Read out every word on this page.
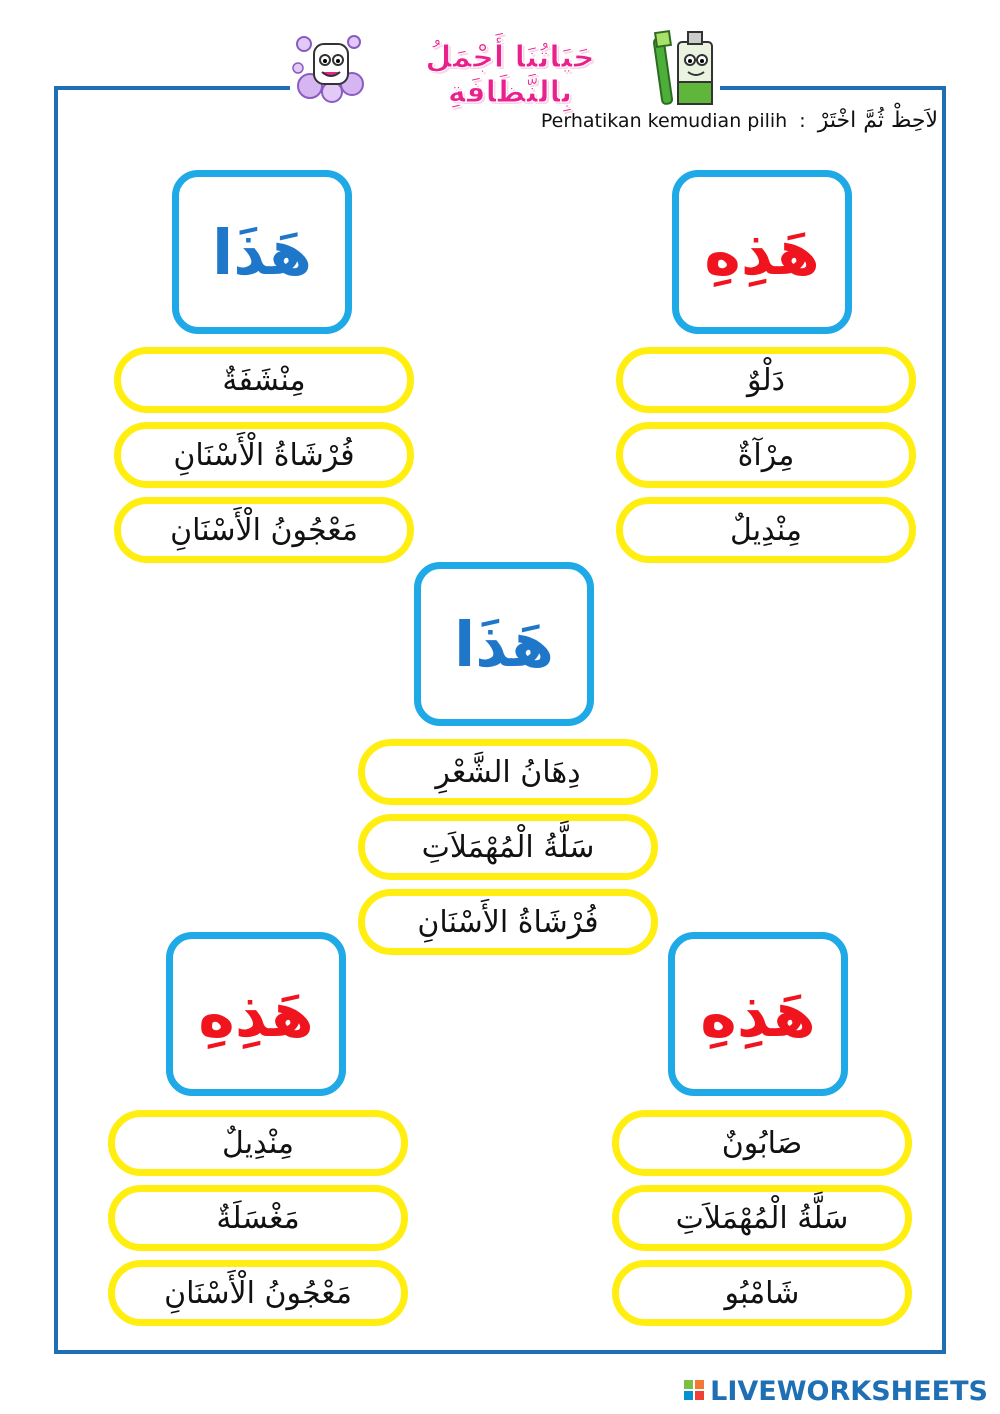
حَيَاتُنَا أَجْمَلُ بِالنَّظَافَةِ
Perhatikan kemudian pilih : لاَحِظْ ثُمَّ اخْتَرْ
هَذِهِ
دَلْوٌ
مِرْآةٌ
مِنْدِيلٌ
هَذَا
مِنْشَفَةٌ
فُرْشَاةُ الْأَسْنَانِ
مَعْجُونُ الْأَسْنَانِ
هَذَا
دِهَانُ الشَّعْرِ
سَلَّةُ الْمُهْمَلاَتِ
فُرْشَاةُ الأَسْنَانِ
هَذِهِ
صَابُونٌ
سَلَّةُ الْمُهْمَلاَتِ
شَامْبُو
هَذِهِ
مِنْدِيلٌ
مَغْسَلَةٌ
مَعْجُونُ الْأَسْنَانِ
LIVEWORKSHEETS
